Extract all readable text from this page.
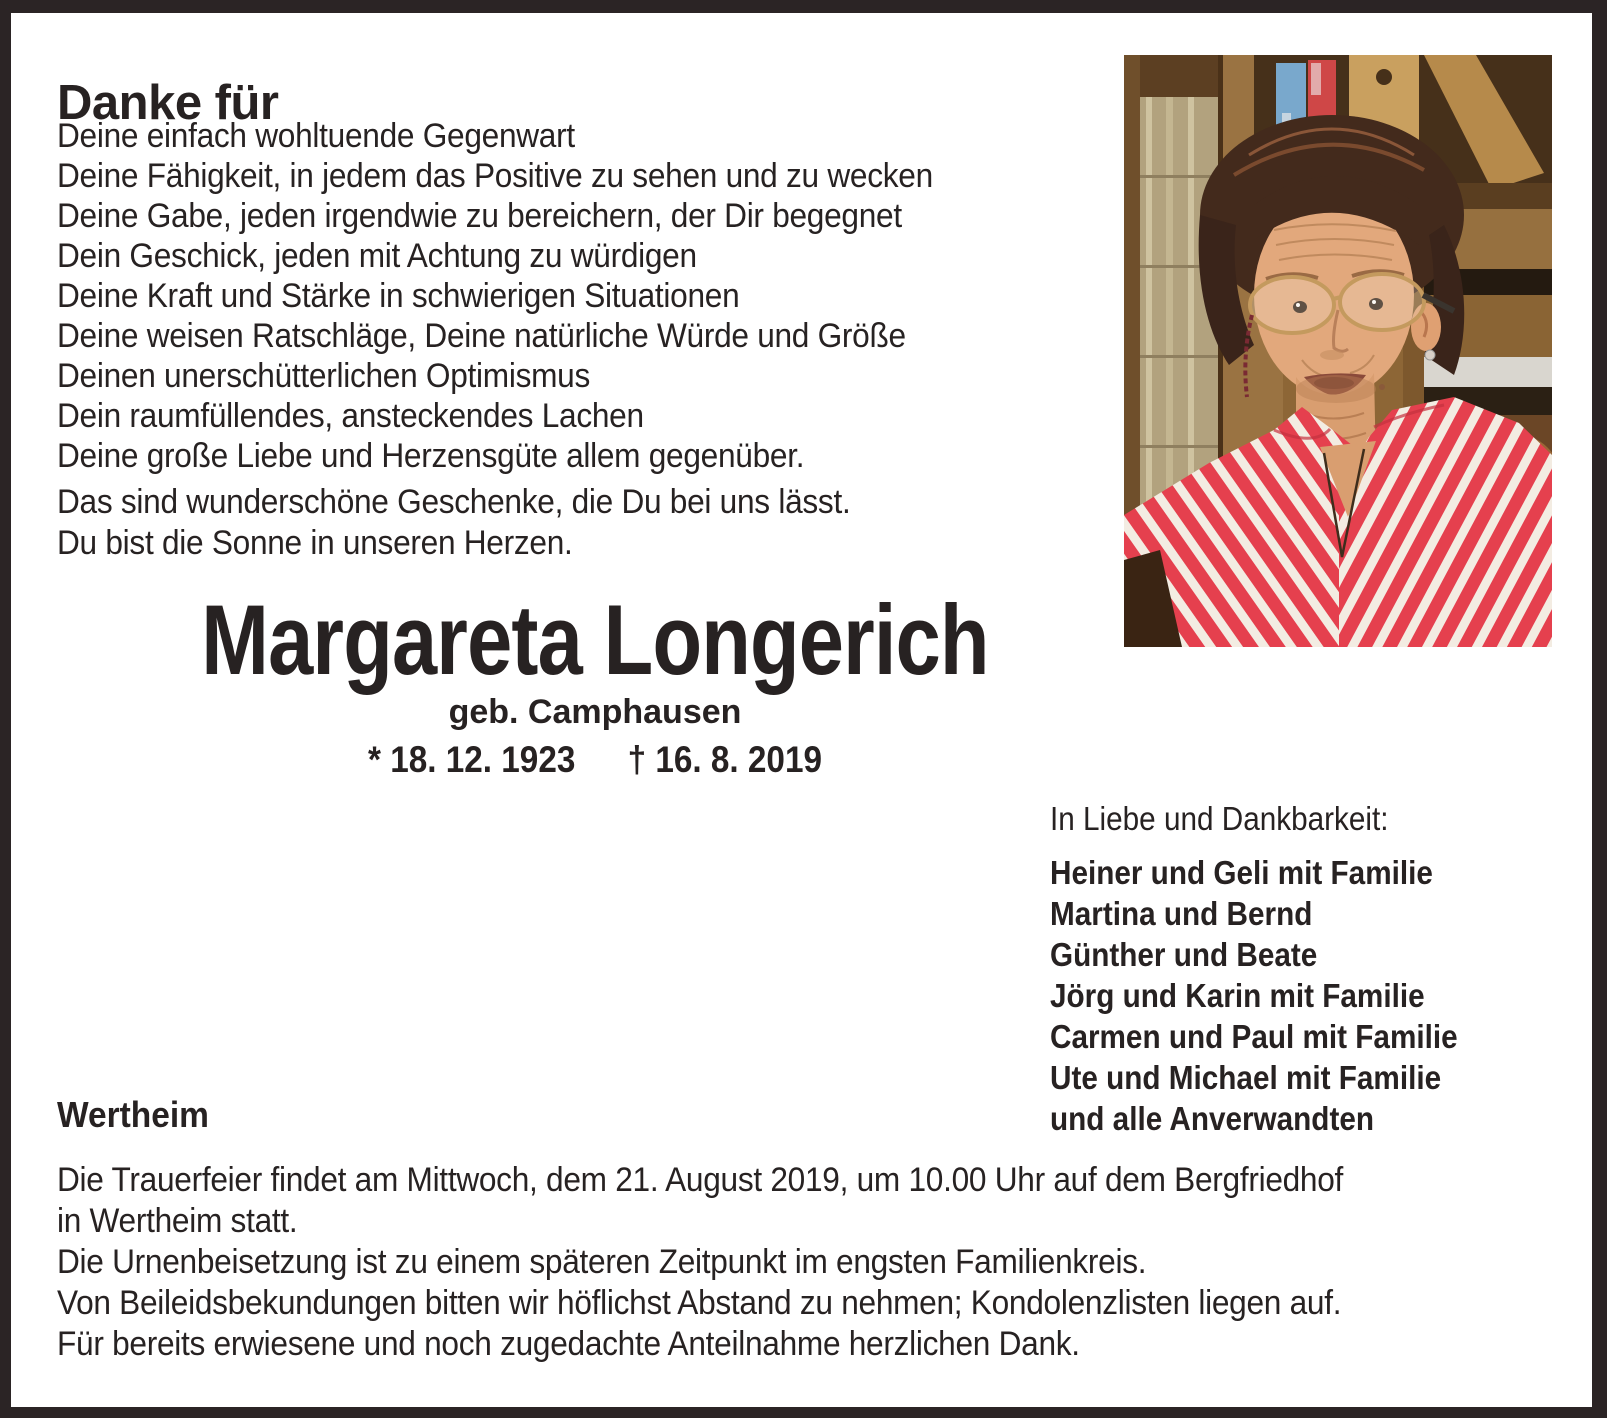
Danke für
Deine einfach wohltuende Gegenwart
Deine Fähigkeit, in jedem das Positive zu sehen und zu wecken
Deine Gabe, jeden irgendwie zu bereichern, der Dir begegnet
Dein Geschick, jeden mit Achtung zu würdigen
Deine Kraft und Stärke in schwierigen Situationen
Deine weisen Ratschläge, Deine natürliche Würde und Größe
Deinen unerschütterlichen Optimismus
Dein raumfüllendes, ansteckendes Lachen
Deine große Liebe und Herzensgüte allem gegenüber.
Das sind wunderschöne Geschenke, die Du bei uns lässt.
Du bist die Sonne in unseren Herzen.
Margareta Longerich
geb. Camphausen
* 18. 12. 1923 † 16. 8. 2019
In Liebe und Dankbarkeit:
Heiner und Geli mit Familie
Martina und Bernd
Günther und Beate
Jörg und Karin mit Familie
Carmen und Paul mit Familie
Ute und Michael mit Familie
und alle Anverwandten
Wertheim
Die Trauerfeier findet am Mittwoch, dem 21. August 2019, um 10.00 Uhr auf dem Bergfriedhof
in Wertheim statt.
Die Urnenbeisetzung ist zu einem späteren Zeitpunkt im engsten Familienkreis.
Von Beileidsbekundungen bitten wir höflichst Abstand zu nehmen; Kondolenzlisten liegen auf.
Für bereits erwiesene und noch zugedachte Anteilnahme herzlichen Dank.
